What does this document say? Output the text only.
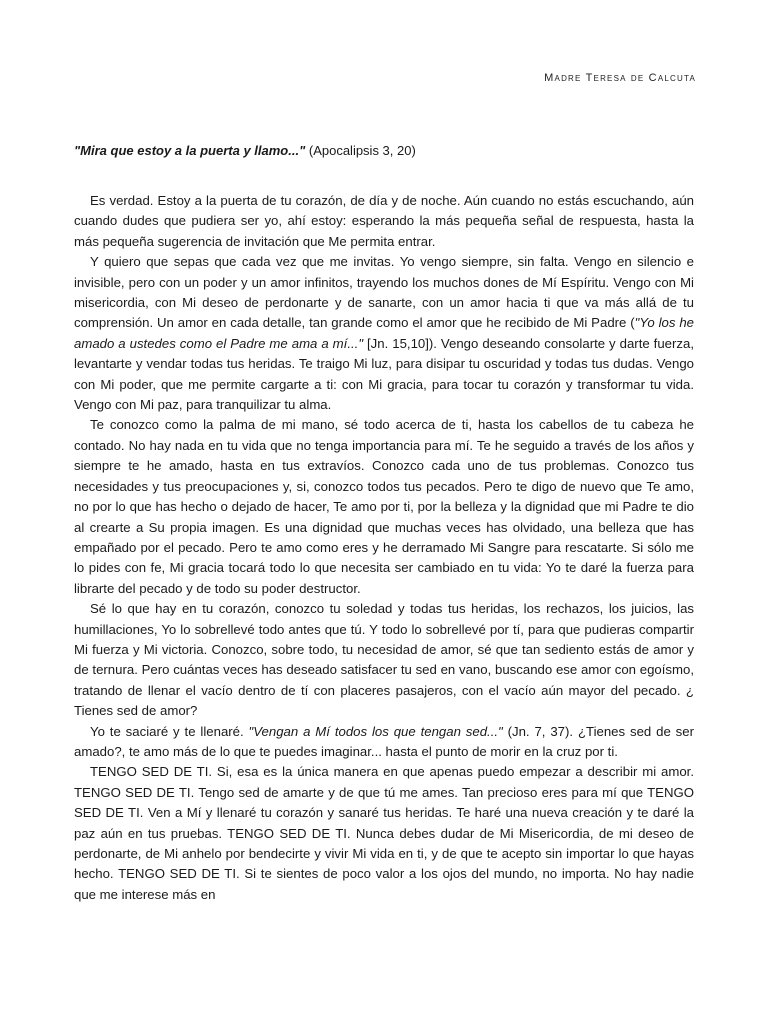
Madre Teresa de Calcuta
"Mira que estoy a la puerta y llamo..." (Apocalipsis 3, 20)

Es verdad. Estoy a la puerta de tu corazón, de día y de noche. Aún cuando no estás escuchando, aún cuando dudes que pudiera ser yo, ahí estoy: esperando la más pequeña señal de respuesta, hasta la más pequeña sugerencia de invitación que Me permita entrar.

Y quiero que sepas que cada vez que me invitas. Yo vengo siempre, sin falta. Vengo en silencio e invisible, pero con un poder y un amor infinitos, trayendo los muchos dones de Mí Espíritu. Vengo con Mi misericordia, con Mi deseo de perdonarte y de sanarte, con un amor hacia ti que va más allá de tu comprensión. Un amor en cada detalle, tan grande como el amor que he recibido de Mi Padre ("Yo los he amado a ustedes como el Padre me ama a mí..." [Jn. 15,10]). Vengo deseando consolarte y darte fuerza, levantarte y vendar todas tus heridas. Te traigo Mi luz, para disipar tu oscuridad y todas tus dudas. Vengo con Mi poder, que me permite cargarte a ti: con Mi gracia, para tocar tu corazón y transformar tu vida. Vengo con Mi paz, para tranquilizar tu alma.

Te conozco como la palma de mi mano, sé todo acerca de ti, hasta los cabellos de tu cabeza he contado. No hay nada en tu vida que no tenga importancia para mí. Te he seguido a través de los años y siempre te he amado, hasta en tus extravíos. Conozco cada uno de tus problemas. Conozco tus necesidades y tus preocupaciones y, si, conozco todos tus pecados. Pero te digo de nuevo que Te amo, no por lo que has hecho o dejado de hacer, Te amo por ti, por la belleza y la dignidad que mi Padre te dio al crearte a Su propia imagen. Es una dignidad que muchas veces has olvidado, una belleza que has empañado por el pecado. Pero te amo como eres y he derramado Mi Sangre para rescatarte. Si sólo me lo pides con fe, Mi gracia tocará todo lo que necesita ser cambiado en tu vida: Yo te daré la fuerza para librarte del pecado y de todo su poder destructor.

Sé lo que hay en tu corazón, conozco tu soledad y todas tus heridas, los rechazos, los juicios, las humillaciones, Yo lo sobrellevé todo antes que tú. Y todo lo sobrellevé por tí, para que pudieras compartir Mi fuerza y Mi victoria. Conozco, sobre todo, tu necesidad de amor, sé que tan sediento estás de amor y de ternura. Pero cuántas veces has deseado satisfacer tu sed en vano, buscando ese amor con egoísmo, tratando de llenar el vacío dentro de tí con placeres pasajeros, con el vacío aún mayor del pecado. ¿ Tienes sed de amor?

Yo te saciaré y te llenaré. "Vengan a Mí todos los que tengan sed..." (Jn. 7, 37). ¿Tienes sed de ser amado?, te amo más de lo que te puedes imaginar... hasta el punto de morir en la cruz por ti.

TENGO SED DE TI. Si, esa es la única manera en que apenas puedo empezar a describir mi amor. TENGO SED DE TI. Tengo sed de amarte y de que tú me ames. Tan precioso eres para mí que TENGO SED DE TI. Ven a Mí y llenaré tu corazón y sanaré tus heridas. Te haré una nueva creación y te daré la paz aún en tus pruebas. TENGO SED DE TI. Nunca debes dudar de Mi Misericordia, de mi deseo de perdonarte, de Mi anhelo por bendecirte y vivir Mi vida en ti, y de que te acepto sin importar lo que hayas hecho. TENGO SED DE TI. Si te sientes de poco valor a los ojos del mundo, no importa. No hay nadie que me interese más en
